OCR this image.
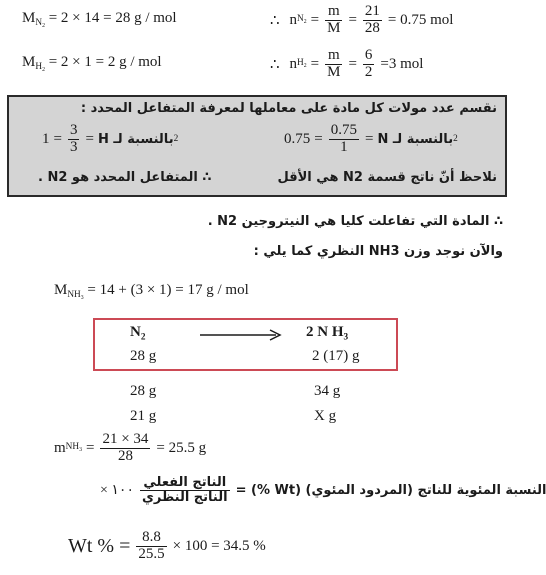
$M_{N_2} = 2 \times 14 = 28$ g / mol
$M_{H_2} = 2 \times 1 = 2$ g / mol
∴ n $N_2 = \frac{m}{M} = \frac{21}{28} = 0.75$ mol
∴ n $H_2 = \frac{m}{M} = \frac{6}{2} =3$ mol
نقسم عدد مولات كل مادة على معاملها لمعرفة المتفاعل المحدد :
$0.75 = \frac{0.75}{1}$ = بالنسبة لـ N 2
$1 = \frac{3}{3}$ = بالنسبة لـ H 2
نلاحظ أنّ ناتج قسمة N2 هي الأقل
∴ المتفاعل المحدد هو N2 .
∴ المادة التي تفاعلت كليا هي النيتروجين N2 .
والآن نوجد وزن NH3 النظري كما يلي :
$M_{NH_3} = 14 + (3 \times 1) = 17$ g / mol
$N_2$	2 N $H_3$
28 g	2 (17) g
28 g	34 g
21 g	X g
m $NH_3 = \frac{21 \times 34}{28} = 25.5$ g
× ١٠٠ $\frac{\text{الناتج الفعلي}}{\text{الناتج النظري}}$ النسبة المئوية للناتج (المردود المئوي) (Wt %) =
Wt % = $\frac{8.8}{25.5} \times 100 = 34.5$ %
